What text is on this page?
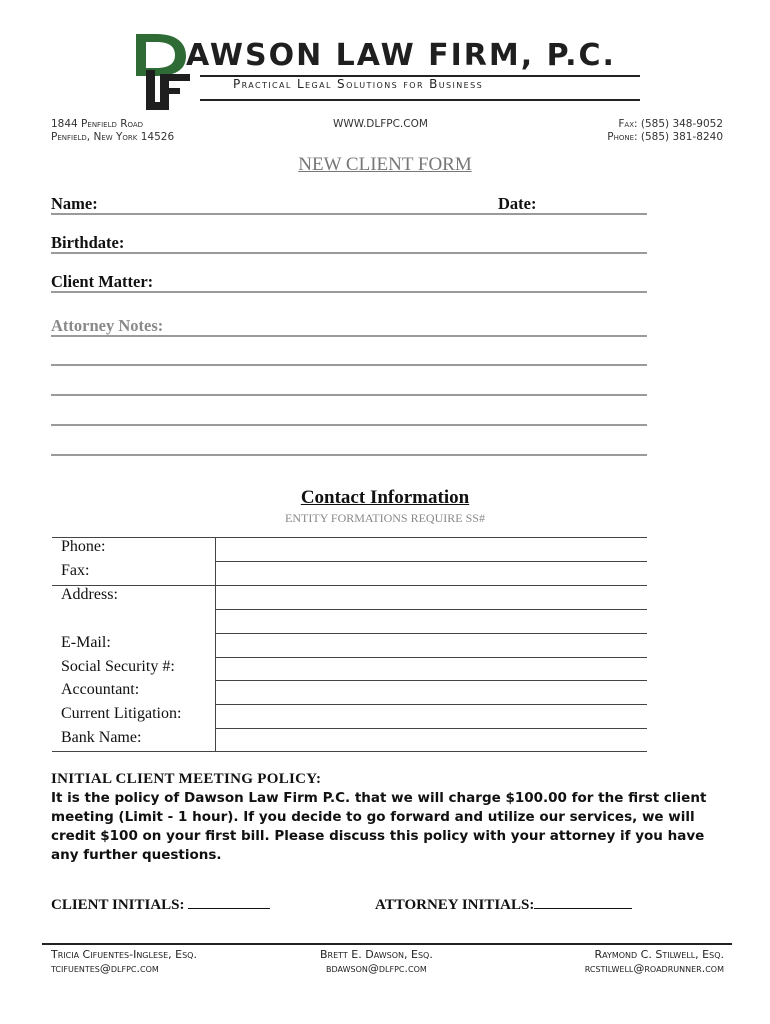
AWSON LAW FIRM, P.C.
Practical Legal Solutions for Business
1844 Penfield Road
Penfield, New York 14526
WWW.DLFPC.COM	Fax: (585) 348-9052
Phone: (585) 381-8240
NEW CLIENT FORM
Name:	Date:
Birthdate:
Client Matter:
Attorney Notes:
Contact Information
ENTITY FORMATIONS REQUIRE SS#
Phone:
Fax:
Address:
E-Mail:
Social Security #:
Accountant:
Current Litigation:
Bank Name:
INITIAL CLIENT MEETING POLICY:
It is the policy of Dawson Law Firm P.C. that we will charge $100.00 for the first client
meeting (Limit - 1 hour). If you decide to go forward and utilize our services, we will
credit $100 on your first bill. Please discuss this policy with your attorney if you have
any further questions.
CLIENT INITIALS:	ATTORNEY INITIALS:
Tricia Cifuentes-Inglese, Esq.
tcifuentes@dlfpc.com
Brett E. Dawson, Esq.
bdawson@dlfpc.com
Raymond C. Stilwell, Esq.
rcstilwell@roadrunner.com
